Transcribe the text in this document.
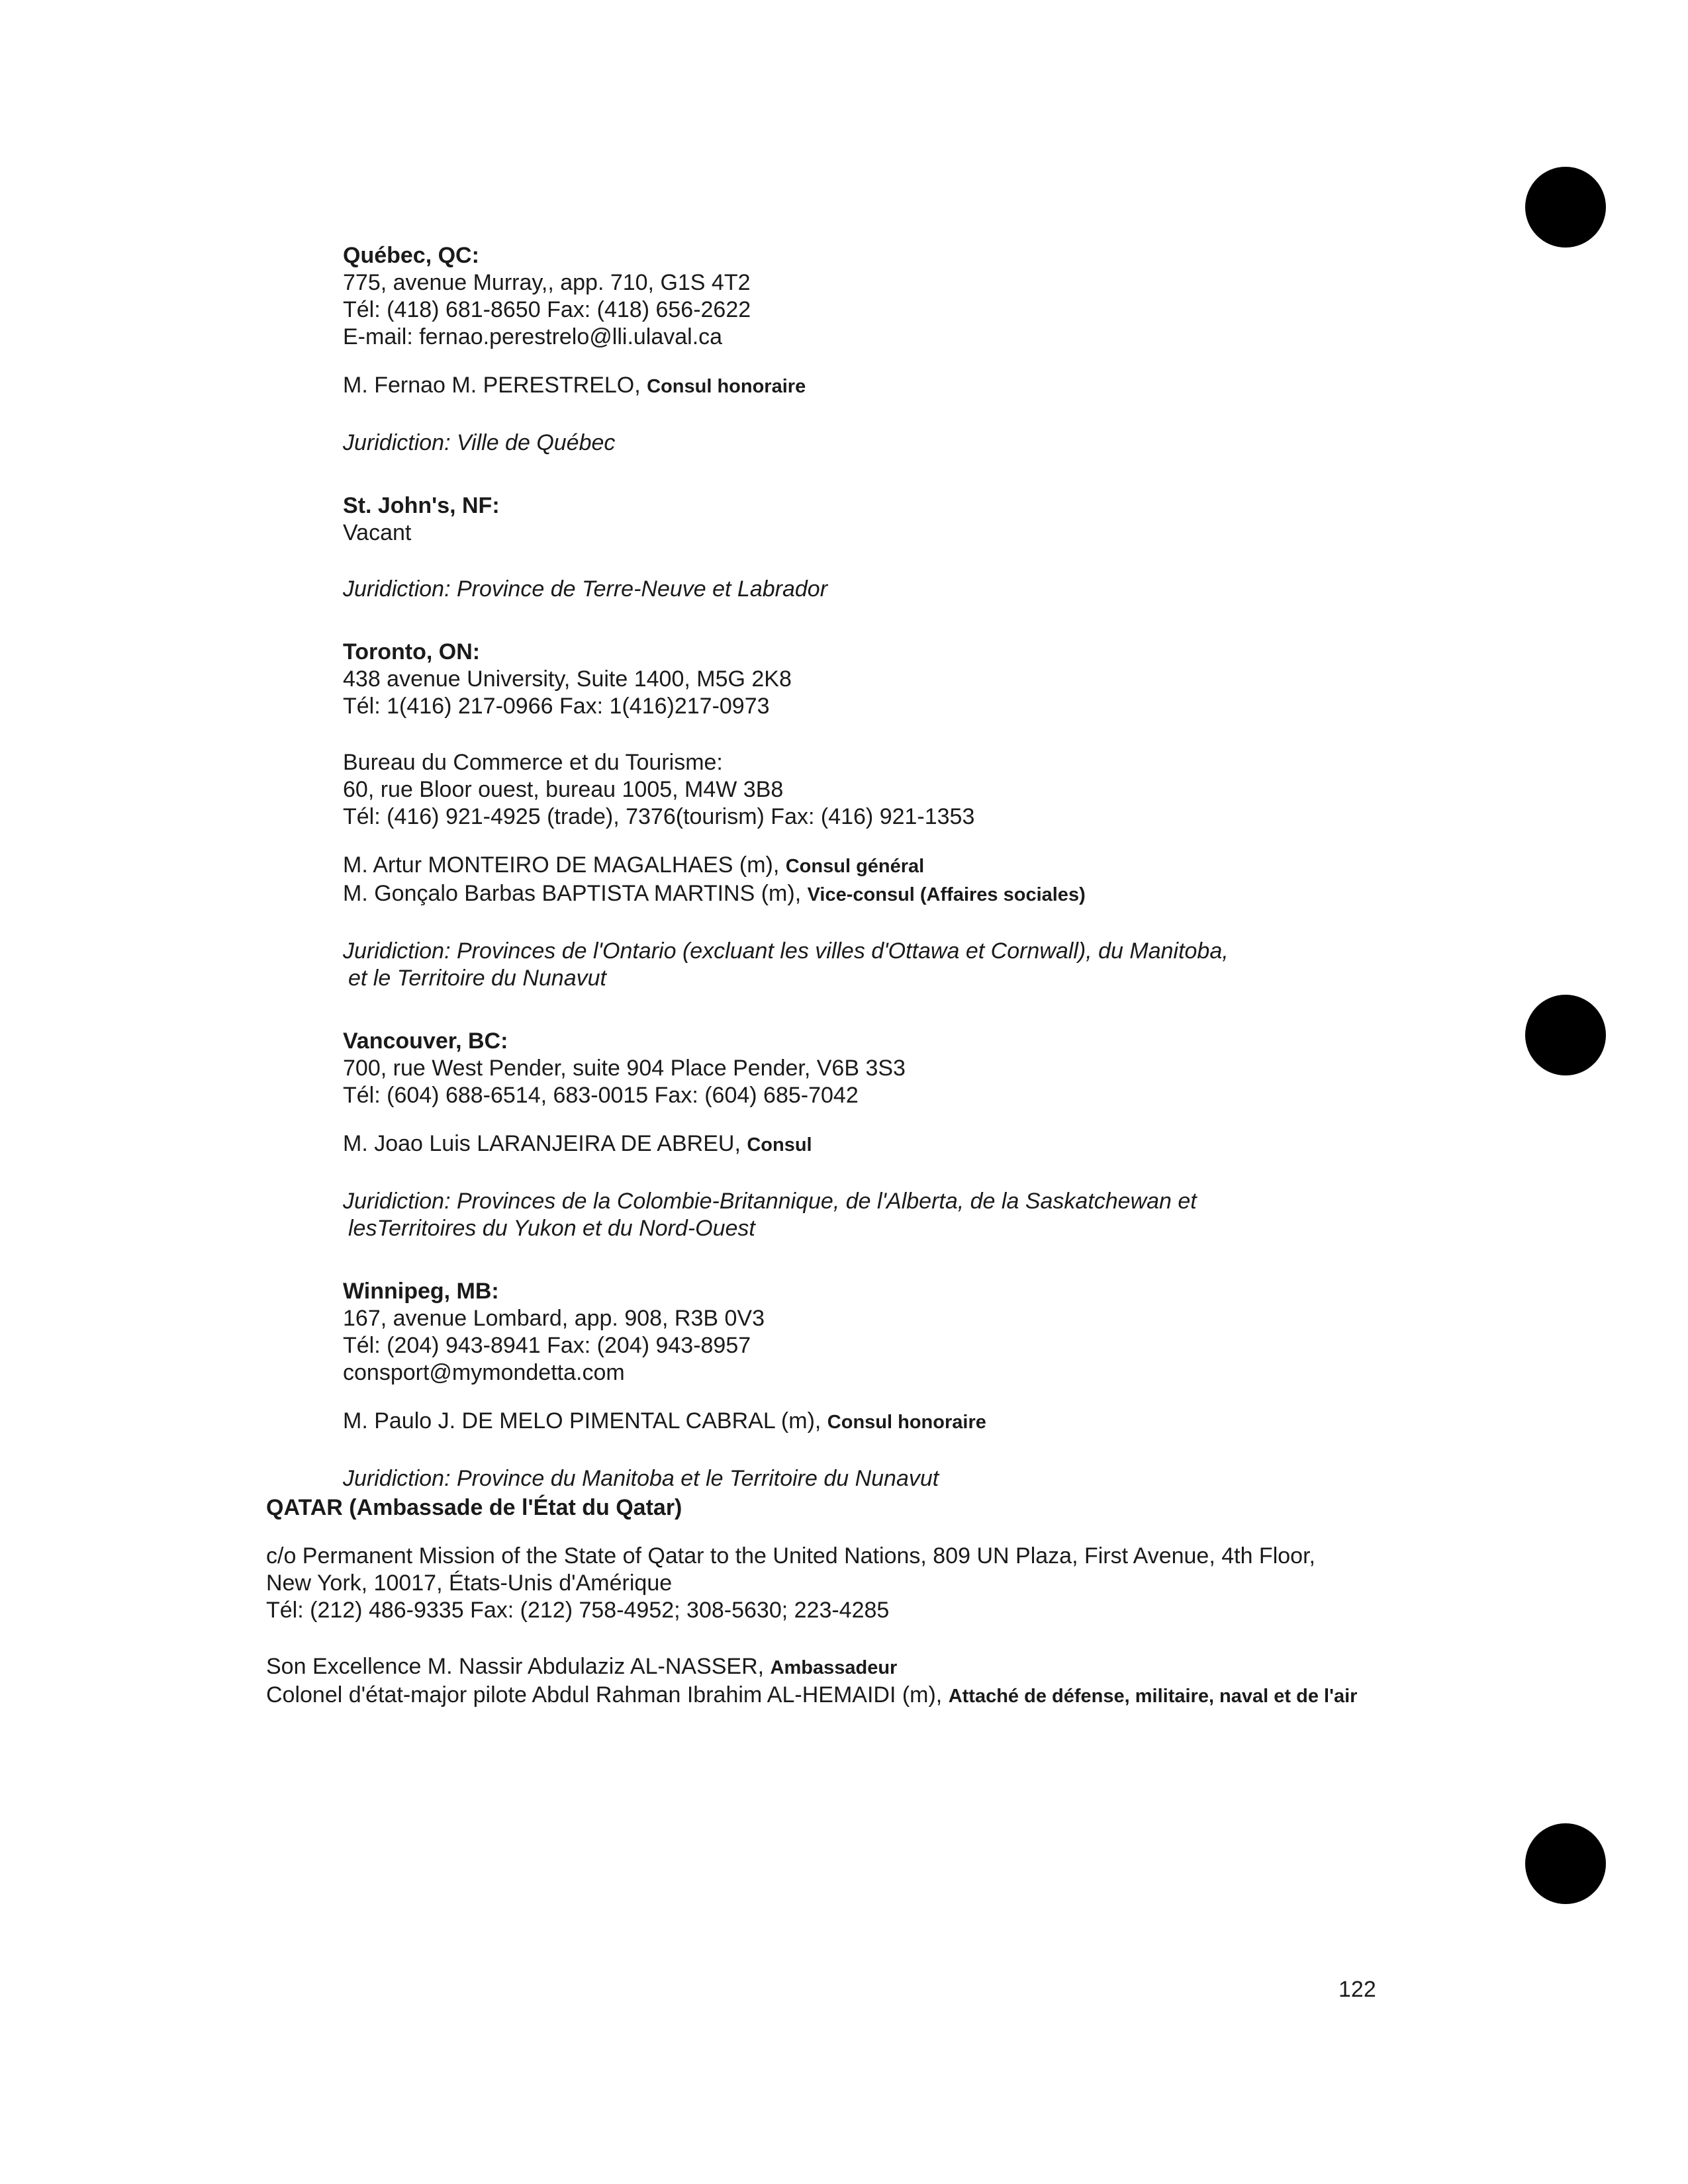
Québec, QC:
775, avenue Murray,, app. 710, G1S 4T2
Tél: (418) 681-8650 Fax: (418) 656-2622
E-mail: fernao.perestrelo@lli.ulaval.ca
M. Fernao M. PERESTRELO, Consul honoraire
Juridiction: Ville de Québec
St. John's, NF:
Vacant
Juridiction: Province de Terre-Neuve et Labrador
Toronto, ON:
438 avenue University, Suite 1400, M5G 2K8
Tél: 1(416) 217-0966 Fax: 1(416)217-0973
Bureau du Commerce et du Tourisme:
60, rue Bloor ouest, bureau 1005, M4W 3B8
Tél: (416) 921-4925 (trade), 7376(tourism) Fax: (416) 921-1353
M. Artur MONTEIRO DE MAGALHAES (m), Consul général
M. Gonçalo Barbas BAPTISTA MARTINS (m), Vice-consul (Affaires sociales)
Juridiction: Provinces de l'Ontario (excluant les villes d'Ottawa et Cornwall), du Manitoba,
et le Territoire du Nunavut
Vancouver, BC:
700, rue West Pender, suite 904 Place Pender, V6B 3S3
Tél: (604) 688-6514, 683-0015 Fax: (604) 685-7042
M. Joao Luis LARANJEIRA DE ABREU, Consul
Juridiction: Provinces de la Colombie-Britannique, de l'Alberta, de la Saskatchewan et
lesTerritoires du Yukon et du Nord-Ouest
Winnipeg, MB:
167, avenue Lombard, app. 908, R3B 0V3
Tél: (204) 943-8941 Fax: (204) 943-8957
consport@mymondetta.com
M. Paulo J. DE MELO PIMENTAL CABRAL (m), Consul honoraire
Juridiction: Province du Manitoba et le Territoire du Nunavut
QATAR (Ambassade de l'État du Qatar)
c/o Permanent Mission of the State of Qatar to the United Nations, 809 UN Plaza, First Avenue, 4th Floor,
New York, 10017, États-Unis d'Amérique
Tél: (212) 486-9335 Fax: (212) 758-4952; 308-5630; 223-4285
Son Excellence M. Nassir Abdulaziz AL-NASSER, Ambassadeur
Colonel d'état-major pilote Abdul Rahman Ibrahim AL-HEMAIDI (m), Attaché de défense, militaire, naval et de l'air
122
